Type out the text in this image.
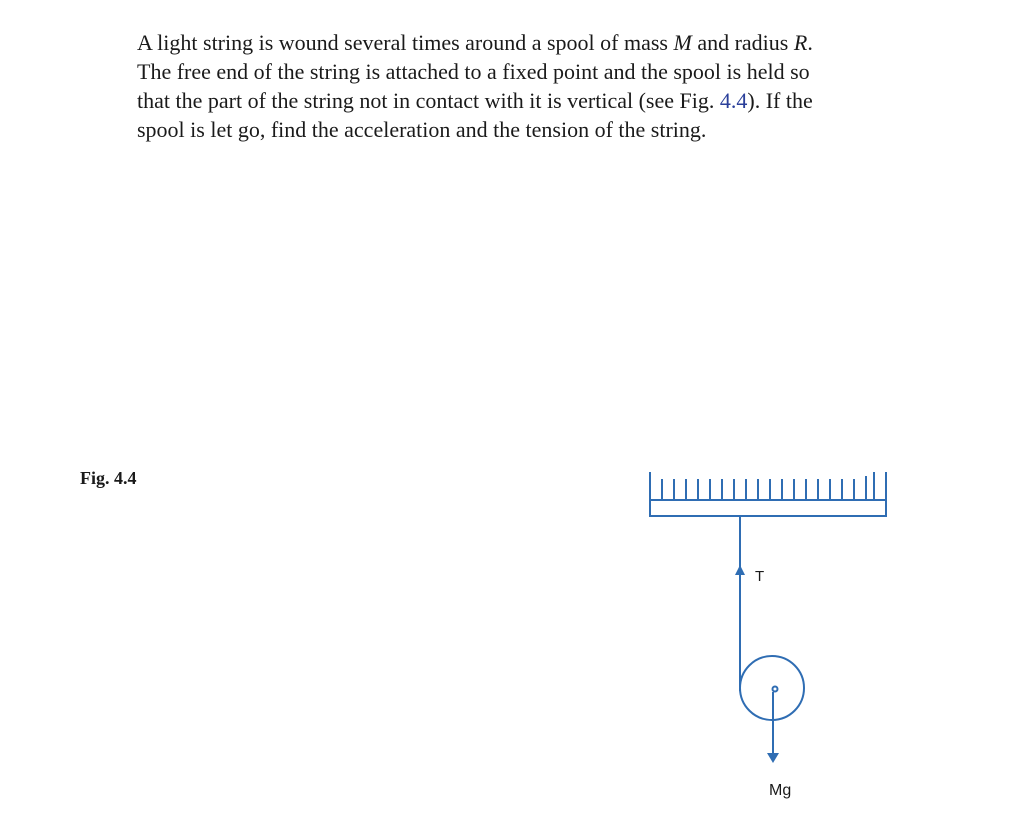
A light string is wound several times around a spool of mass M and radius R.
The free end of the string is attached to a fixed point and the spool is held so
that the part of the string not in contact with it is vertical (see Fig. 4.4). If the
spool is let go, find the acceleration and the tension of the string.
Fig. 4.4
T
Mg
